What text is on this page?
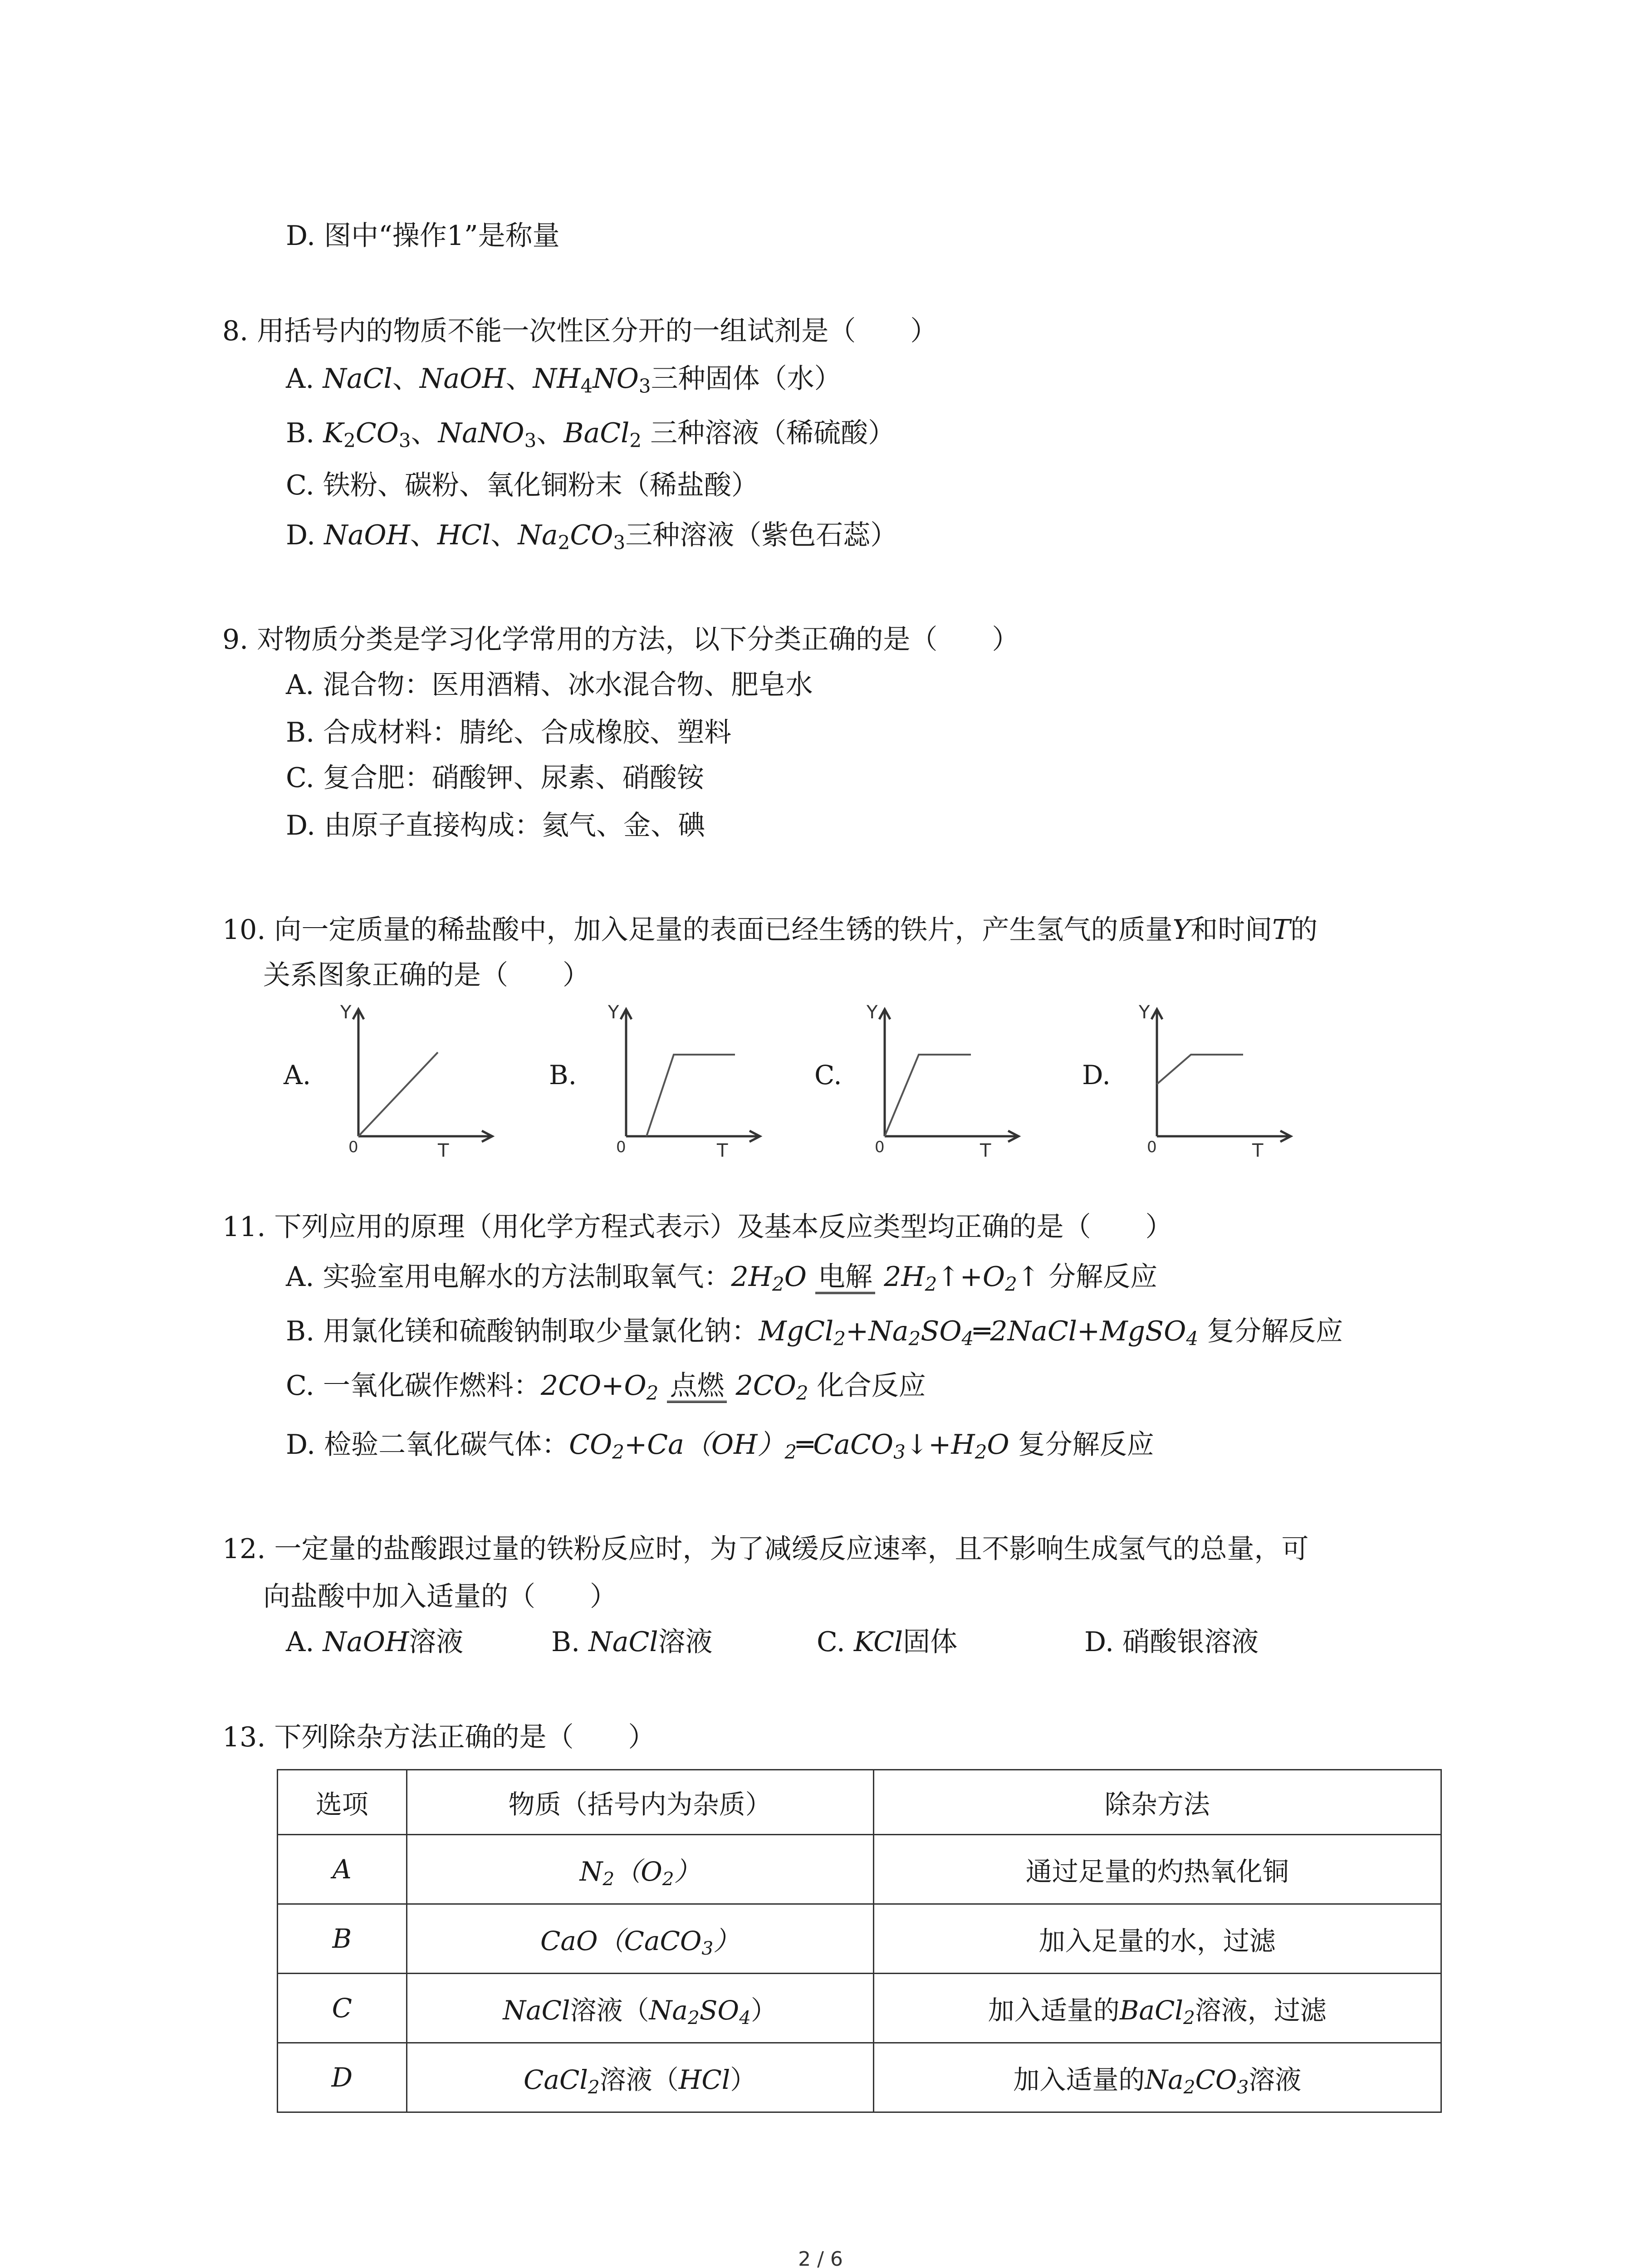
D. 图中“操作1”是称量
8. 用括号内的物质不能一次性区分开的一组试剂是（　　）
A. NaCl、NaOH、$NH_4NO_3$三种固体（水）
B. $K_2CO_3$、NaNO$_3$、BaCl$_2$ 三种溶液（稀硫酸）
C. 铁粉、碳粉、氧化铜粉末（稀盐酸）
D. NaOH、HCl、$Na_2CO_3$三种溶液（紫色石蕊）
9. 对物质分类是学习化学常用的方法，以下分类正确的是（　　）
A. 混合物：医用酒精、冰水混合物、肥皂水
B. 合成材料：腈纶、合成橡胶、塑料
C. 复合肥：硝酸钾、尿素、硝酸铵
D. 由原子直接构成：氦气、金、碘
10. 向一定质量的稀盐酸中，加入足量的表面已经生锈的铁片，产生氢气的质量Y和时间T的
关系图象正确的是（　　）
A.
Y
0	T
B.
Y
0	T
C.
Y
0	T
D.
Y
0	T
11. 下列应用的原理（用化学方程式表示）及基本反应类型均正确的是（　　）
A. 实验室用电解水的方法制取氧气：$2H_2O$ 电解 $2H_2↑+O_2↑$ 分解反应
B. 用氯化镁和硫酸钠制取少量氯化钠：$MgCl_2+Na_2SO_4═2NaCl+MgSO_4$ 复分解反应
C. 一氧化碳作燃料：$2CO+O_2$ 点燃 $2CO_2$ 化合反应
D. 检验二氧化碳气体：$CO_2+Ca(OH)_2═CaCO_3↓+H_2O$ 复分解反应
12. 一定量的盐酸跟过量的铁粉反应时，为了减缓反应速率，且不影响生成氢气的总量，可
向盐酸中加入适量的（　　）
A. NaOH溶液	B. NaCl溶液	C. KCl固体	D. 硝酸银溶液
13. 下列除杂方法正确的是（　　）
选项	物质（括号内为杂质）	除杂方法
A	$N_2(O_2)$	通过足量的灼热氧化铜
B	CaO（CaCO$_3$）	加入足量的水，过滤
C	NaCl溶液$(Na_2SO_4)$	加入适量的BaCl$_2$溶液，过滤
D	CaCl$_2$溶液（HCl）	加入适量的$Na_2CO_3$溶液
2 / 6
